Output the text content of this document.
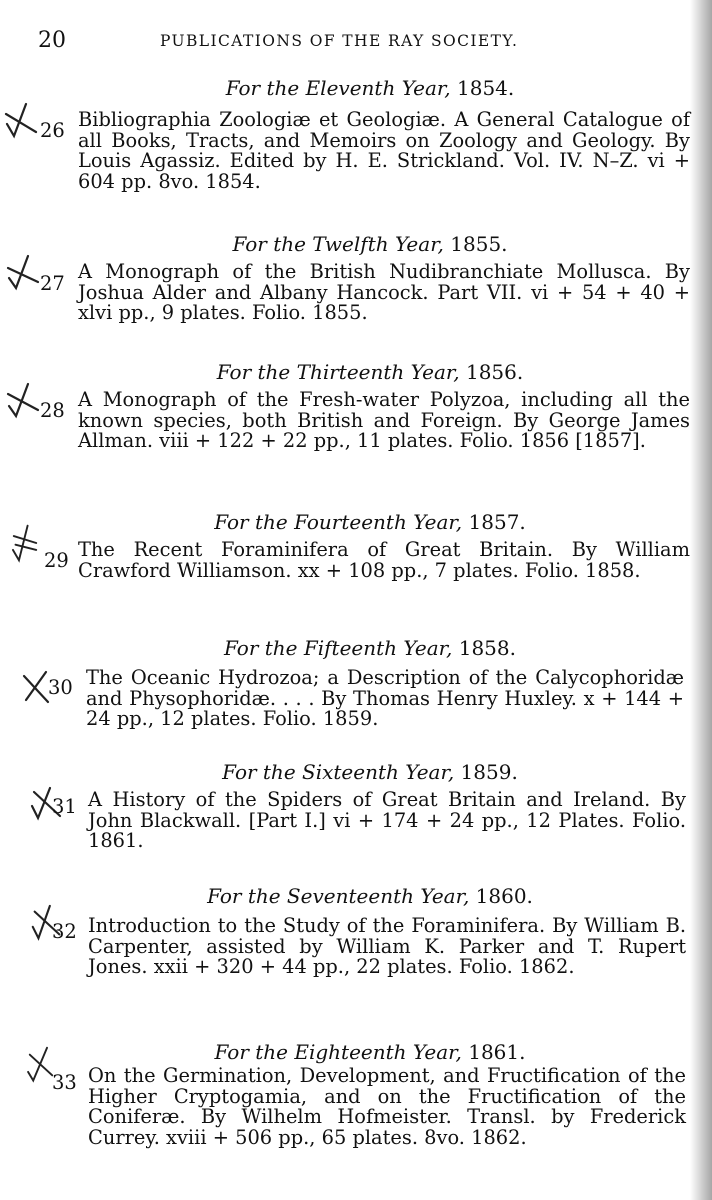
20	PUBLICATIONS OF THE RAY SOCIETY.
For the Eleventh Year, 1854.
26 Bibliographia Zoologiæ et Geologiæ. A General Catalogue of all Books, Tracts, and Memoirs on Zoology and Geology. By Louis Agassiz. Edited by H. E. Strickland. Vol. IV. N–Z. vi + 604 pp. 8vo. 1854.
For the Twelfth Year, 1855.
27
A Monograph of the British Nudibranchiate Mollusca. By Joshua Alder and Albany Hancock. Part VII. vi + 54 + 40 + xlvi pp., 9 plates. Folio. 1855.
For the Thirteenth Year, 1856.
28 A Monograph of the Fresh-water Polyzoa, including all the known species, both British and Foreign. By George James Allman. viii + 122 + 22 pp., 11 plates. Folio. 1856 [1857].
For the Fourteenth Year, 1857.
29 The Recent Foraminifera of Great Britain. By William Crawford Williamson. xx + 108 pp., 7 plates. Folio. 1858.
For the Fifteenth Year, 1858.
30 The Oceanic Hydrozoa; a Description of the Calycophoridæ and Physophoridæ. . . . By Thomas Henry Huxley. x + 144 + 24 pp., 12 plates. Folio. 1859.
For the Sixteenth Year, 1859.
31 A History of the Spiders of Great Britain and Ireland. By John Blackwall. [Part I.] vi + 174 + 24 pp., 12 Plates. Folio. 1861.
For the Seventeenth Year, 1860.
32 Introduction to the Study of the Foraminifera. By William B. Carpenter, assisted by William K. Parker and T. Rupert Jones. xxii + 320 + 44 pp., 22 plates. Folio. 1862.
For the Eighteenth Year, 1861.
33 On the Germination, Development, and Fructification of the Higher Cryptogamia, and on the Fructification of the Coniferæ. By Wilhelm Hofmeister. Transl. by Frederick Currey. xviii + 506 pp., 65 plates. 8vo. 1862.
